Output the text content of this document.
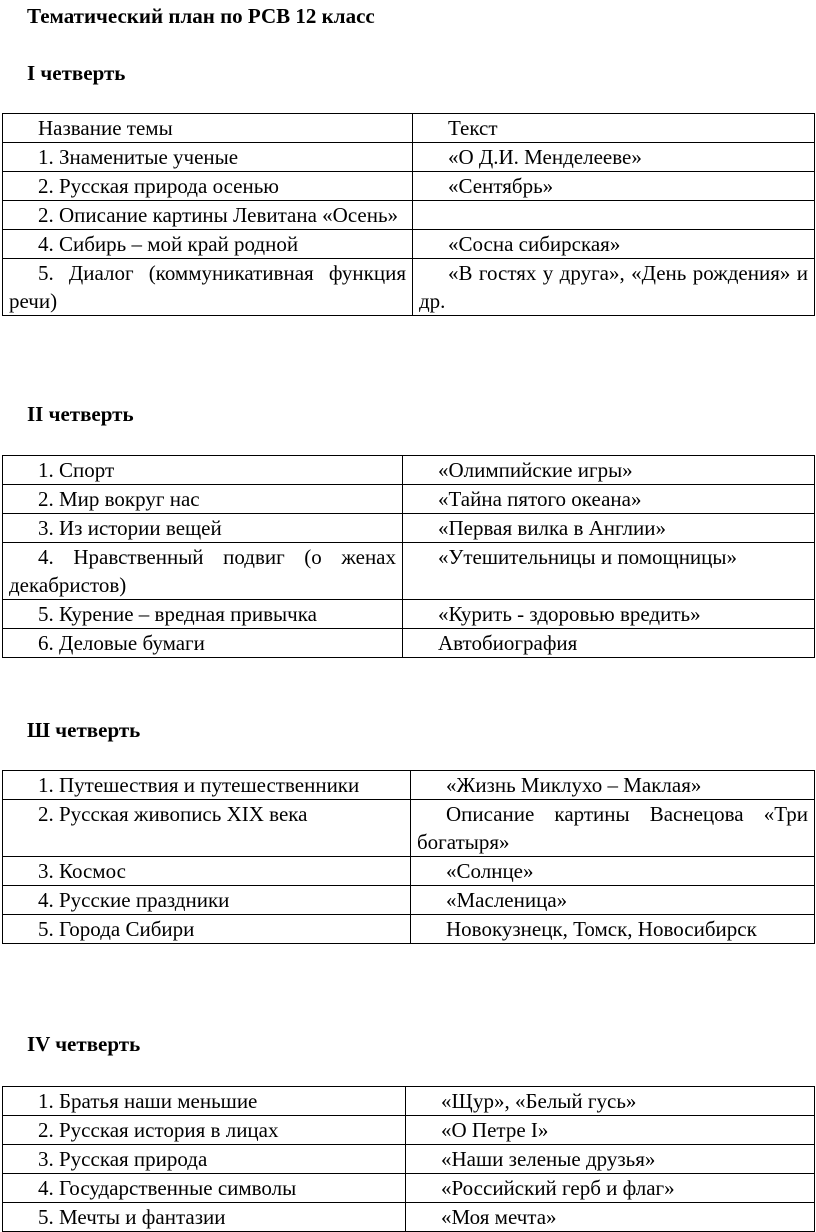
Тематический план по РСВ 12 класс
I четверть
Название темы	Текст

1. Знаменитые ученые	«О Д.И. Менделееве»

2. Русская природа осенью	«Сентябрь»

2. Описание картины Левитана «Осень»	

4. Сибирь – мой край родной	«Сосна сибирская»

5. Диалог (коммуникативная функция речи)	«В гостях у друга», «День рождения» и др.
II четверть
1. Спорт	«Олимпийские игры»

2. Мир вокруг нас	«Тайна пятого океана»

3. Из истории вещей	«Первая вилка в Англии»

4. Нравственный подвиг (о женах декабристов)	«Утешительницы и помощницы»

5. Курение – вредная привычка	«Курить - здоровью вредить»

6. Деловые бумаги	Автобиография
Ш четверть
1. Путешествия и путешественники	«Жизнь Миклухо – Маклая»

2. Русская живопись XIX века	Описание картины Васнецова «Три богатыря»

3. Космос	«Солнце»

4. Русские праздники	«Масленица»

5. Города Сибири	Новокузнецк, Томск, Новосибирск
IV четверть
1. Братья наши меньшие	«Щур», «Белый гусь»

2. Русская история в лицах	«О Петре I»

3. Русская природа	«Наши зеленые друзья»

4. Государственные символы	«Российский герб и флаг»

5. Мечты и фантазии	«Моя мечта»
